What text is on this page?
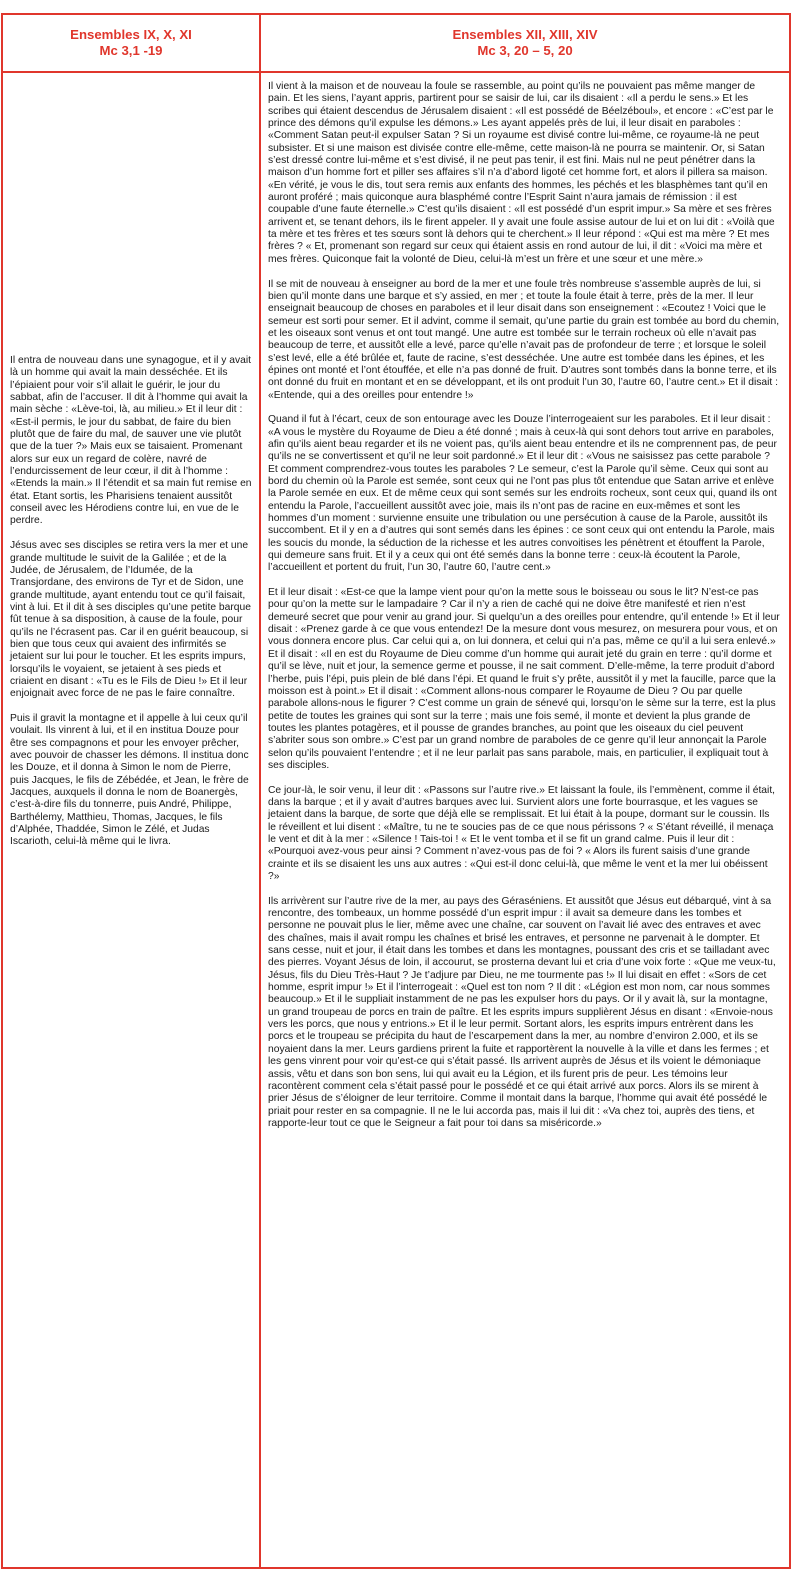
Ensembles IX, X, XI
Mc 3,1 -19
Ensembles XII, XIII, XIV
Mc 3, 20 – 5, 20

Il entra de nouveau dans une synagogue, et il y avait là un homme qui avait la main desséchée. Et ils l’épiaient pour voir s’il allait le guérir, le jour du sabbat, afin de l’accuser. Il dit à l’homme qui avait la main sèche : «Lève-toi, là, au milieu.» Et il leur dit : «Est-il permis, le jour du sabbat, de faire du bien plutôt que de faire du mal, de sauver une vie plutôt que de la tuer ?» Mais eux se taisaient. Promenant alors sur eux un regard de colère, navré de l’endurcissement de leur cœur, il dit à l’homme : «Etends la main.» Il l’étendit et sa main fut remise en état. Etant sortis, les Pharisiens tenaient aussitôt conseil avec les Hérodiens contre lui, en vue de le perdre.

Jésus avec ses disciples se retira vers la mer et une grande multitude le suivit de la Galilée ; et de la Judée, de Jérusalem, de l’Idumée, de la Transjordane, des environs de Tyr et de Sidon, une grande multitude, ayant entendu tout ce qu’il faisait, vint à lui. Et il dit à ses disciples qu’une petite barque fût tenue à sa disposition, à cause de la foule, pour qu’ils ne l’écrasent pas. Car il en guérit beaucoup, si bien que tous ceux qui avaient des infirmités se jetaient sur lui pour le toucher. Et les esprits impurs, lorsqu’ils le voyaient, se jetaient à ses pieds et criaient en disant : «Tu es le Fils de Dieu !» Et il leur enjoignait avec force de ne pas le faire connaître.

Puis il gravit la montagne et il appelle à lui ceux qu’il voulait. Ils vinrent à lui, et il en institua Douze pour être ses compagnons et pour les envoyer prêcher, avec pouvoir de chasser les démons. Il institua donc les Douze, et il donna à Simon le nom de Pierre, puis Jacques, le fils de Zébédée, et Jean, le frère de Jacques, auxquels il donna le nom de Boanergès, c’est-à-dire fils du tonnerre, puis André, Philippe, Barthélemy, Matthieu, Thomas, Jacques, le fils d’Alphée, Thaddée, Simon le Zélé, et Judas Iscarioth, celui-là même qui le livra.

Il vient à la maison et de nouveau la foule se rassemble, au point qu’ils ne pouvaient pas même manger de pain. Et les siens, l’ayant appris, partirent pour se saisir de lui, car ils disaient : «Il a perdu le sens.» Et les scribes qui étaient descendus de Jérusalem disaient : «Il est possédé de Béelzéboul», et encore : «C’est par le prince des démons qu’il expulse les démons.» Les ayant appelés près de lui, il leur disait en paraboles : «Comment Satan peut-il expulser Satan ? Si un royaume est divisé contre lui-même, ce royaume-là ne peut subsister. Et si une maison est divisée contre elle-même, cette maison-là ne pourra se maintenir. Or, si Satan s’est dressé contre lui-même et s’est divisé, il ne peut pas tenir, il est fini. Mais nul ne peut pénétrer dans la maison d’un homme fort et piller ses affaires s’il n’a d’abord ligoté cet homme fort, et alors il pillera sa maison. «En vérité, je vous le dis, tout sera remis aux enfants des hommes, les péchés et les blasphèmes tant qu’il en auront proféré ; mais quiconque aura blasphémé contre l’Esprit Saint n’aura jamais de rémission : il est coupable d’une faute éternelle.» C’est qu’ils disaient : «Il est possédé d’un esprit impur.» Sa mère et ses frères arrivent et, se tenant dehors, ils le firent appeler. Il y avait une foule assise autour de lui et on lui dit : «Voilà que ta mère et tes frères et tes sœurs sont là dehors qui te cherchent.» Il leur répond : «Qui est ma mère ? Et mes frères ? « Et, promenant son regard sur ceux qui étaient assis en rond autour de lui, il dit : «Voici ma mère et mes frères. Quiconque fait la volonté de Dieu, celui-là m’est un frère et une sœur et une mère.»

Il se mit de nouveau à enseigner au bord de la mer et une foule très nombreuse s’assemble auprès de lui, si bien qu’il monte dans une barque et s’y assied, en mer ; et toute la foule était à terre, près de la mer. Il leur enseignait beaucoup de choses en paraboles et il leur disait dans son enseignement : «Ecoutez ! Voici que le semeur est sorti pour semer. Et il advint, comme il semait, qu’une partie du grain est tombée au bord du chemin, et les oiseaux sont venus et ont tout mangé. Une autre est tombée sur le terrain rocheux où elle n’avait pas beaucoup de terre, et aussitôt elle a levé, parce qu’elle n’avait pas de profondeur de terre ; et lorsque le soleil s’est levé, elle a été brûlée et, faute de racine, s’est desséchée. Une autre est tombée dans les épines, et les épines ont monté et l’ont étouffée, et elle n’a pas donné de fruit. D’autres sont tombés dans la bonne terre, et ils ont donné du fruit en montant et en se développant, et ils ont produit l’un 30, l’autre 60, l’autre cent.» Et il disait : «Entende, qui a des oreilles pour entendre !»

Quand il fut à l’écart, ceux de son entourage avec les Douze l’interrogeaient sur les paraboles. Et il leur disait : «A vous le mystère du Royaume de Dieu a été donné ; mais à ceux-là qui sont dehors tout arrive en paraboles, afin qu’ils aient beau regarder et ils ne voient pas, qu’ils aient beau entendre et ils ne comprennent pas, de peur qu’ils ne se convertissent et qu’il ne leur soit pardonné.» Et il leur dit : «Vous ne saisissez pas cette parabole ? Et comment comprendrez-vous toutes les paraboles ? Le semeur, c’est la Parole qu’il sème. Ceux qui sont au bord du chemin où la Parole est semée, sont ceux qui ne l’ont pas plus tôt entendue que Satan arrive et enlève la Parole semée en eux. Et de même ceux qui sont semés sur les endroits rocheux, sont ceux qui, quand ils ont entendu la Parole, l’accueillent aussitôt avec joie, mais ils n’ont pas de racine en eux-mêmes et sont les hommes d’un moment : survienne ensuite une tribulation ou une persécution à cause de la Parole, aussitôt ils succombent. Et il y en a d’autres qui sont semés dans les épines : ce sont ceux qui ont entendu la Parole, mais les soucis du monde, la séduction de la richesse et les autres convoitises les pénètrent et étouffent la Parole, qui demeure sans fruit. Et il y a ceux qui ont été semés dans la bonne terre : ceux-là écoutent la Parole, l’accueillent et portent du fruit, l’un 30, l’autre 60, l’autre cent.»

Et il leur disait : «Est-ce que la lampe vient pour qu’on la mette sous le boisseau ou sous le lit? N’est-ce pas pour qu’on la mette sur le lampadaire ? Car il n’y a rien de caché qui ne doive être manifesté et rien n’est demeuré secret que pour venir au grand jour. Si quelqu’un a des oreilles pour entendre, qu’il entende !» Et il leur disait : «Prenez garde à ce que vous entendez! De la mesure dont vous mesurez, on mesurera pour vous, et on vous donnera encore plus. Car celui qui a, on lui donnera, et celui qui n’a pas, même ce qu’il a lui sera enlevé.» Et il disait : «Il en est du Royaume de Dieu comme d’un homme qui aurait jeté du grain en terre : qu’il dorme et qu’il se lève, nuit et jour, la semence germe et pousse, il ne sait comment. D’elle-même, la terre produit d’abord l’herbe, puis l’épi, puis plein de blé dans l’épi. Et quand le fruit s’y prête, aussitôt il y met la faucille, parce que la moisson est à point.» Et il disait : «Comment allons-nous comparer le Royaume de Dieu ? Ou par quelle parabole allons-nous le figurer ? C’est comme un grain de sénevé qui, lorsqu’on le sème sur la terre, est la plus petite de toutes les graines qui sont sur la terre ; mais une fois semé, il monte et devient la plus grande de toutes les plantes potagères, et il pousse de grandes branches, au point que les oiseaux du ciel peuvent s’abriter sous son ombre.» C’est par un grand nombre de paraboles de ce genre qu’il leur annonçait la Parole selon qu’ils pouvaient l’entendre ; et il ne leur parlait pas sans parabole, mais, en particulier, il expliquait tout à ses disciples.

Ce jour-là, le soir venu, il leur dit : «Passons sur l’autre rive.» Et laissant la foule, ils l’emmènent, comme il était, dans la barque ; et il y avait d’autres barques avec lui. Survient alors une forte bourrasque, et les vagues se jetaient dans la barque, de sorte que déjà elle se remplissait. Et lui était à la poupe, dormant sur le coussin. Ils le réveillent et lui disent : «Maître, tu ne te soucies pas de ce que nous périssons ? « S’étant réveillé, il menaça le vent et dit à la mer : «Silence ! Tais-toi ! « Et le vent tomba et il se fit un grand calme. Puis il leur dit : «Pourquoi avez-vous peur ainsi ? Comment n’avez-vous pas de foi ? « Alors ils furent saisis d’une grande crainte et ils se disaient les uns aux autres : «Qui est-il donc celui-là, que même le vent et la mer lui obéissent ?»

Ils arrivèrent sur l’autre rive de la mer, au pays des Géraséniens. Et aussitôt que Jésus eut débarqué, vint à sa rencontre, des tombeaux, un homme possédé d’un esprit impur : il avait sa demeure dans les tombes et personne ne pouvait plus le lier, même avec une chaîne, car souvent on l’avait lié avec des entraves et avec des chaînes, mais il avait rompu les chaînes et brisé les entraves, et personne ne parvenait à le dompter. Et sans cesse, nuit et jour, il était dans les tombes et dans les montagnes, poussant des cris et se tailladant avec des pierres. Voyant Jésus de loin, il accourut, se prosterna devant lui et cria d’une voix forte : «Que me veux-tu, Jésus, fils du Dieu Très-Haut ? Je t’adjure par Dieu, ne me tourmente pas !» Il lui disait en effet : «Sors de cet homme, esprit impur !» Et il l’interrogeait : «Quel est ton nom ? Il dit : «Légion est mon nom, car nous sommes beaucoup.» Et il le suppliait instamment de ne pas les expulser hors du pays. Or il y avait là, sur la montagne, un grand troupeau de porcs en train de paître. Et les esprits impurs supplièrent Jésus en disant : «Envoie-nous vers les porcs, que nous y entrions.» Et il le leur permit. Sortant alors, les esprits impurs entrèrent dans les porcs et le troupeau se précipita du haut de l’escarpement dans la mer, au nombre d’environ 2.000, et ils se noyaient dans la mer. Leurs gardiens prirent la fuite et rapportèrent la nouvelle à la ville et dans les fermes ; et les gens vinrent pour voir qu’est-ce qui s’était passé. Ils arrivent auprès de Jésus et ils voient le démoniaque assis, vêtu et dans son bon sens, lui qui avait eu la Légion, et ils furent pris de peur. Les témoins leur racontèrent comment cela s’était passé pour le possédé et ce qui était arrivé aux porcs. Alors ils se mirent à prier Jésus de s’éloigner de leur territoire. Comme il montait dans la barque, l’homme qui avait été possédé le priait pour rester en sa compagnie. Il ne le lui accorda pas, mais il lui dit : «Va chez toi, auprès des tiens, et rapporte-leur tout ce que le Seigneur a fait pour toi dans sa miséricorde.»
